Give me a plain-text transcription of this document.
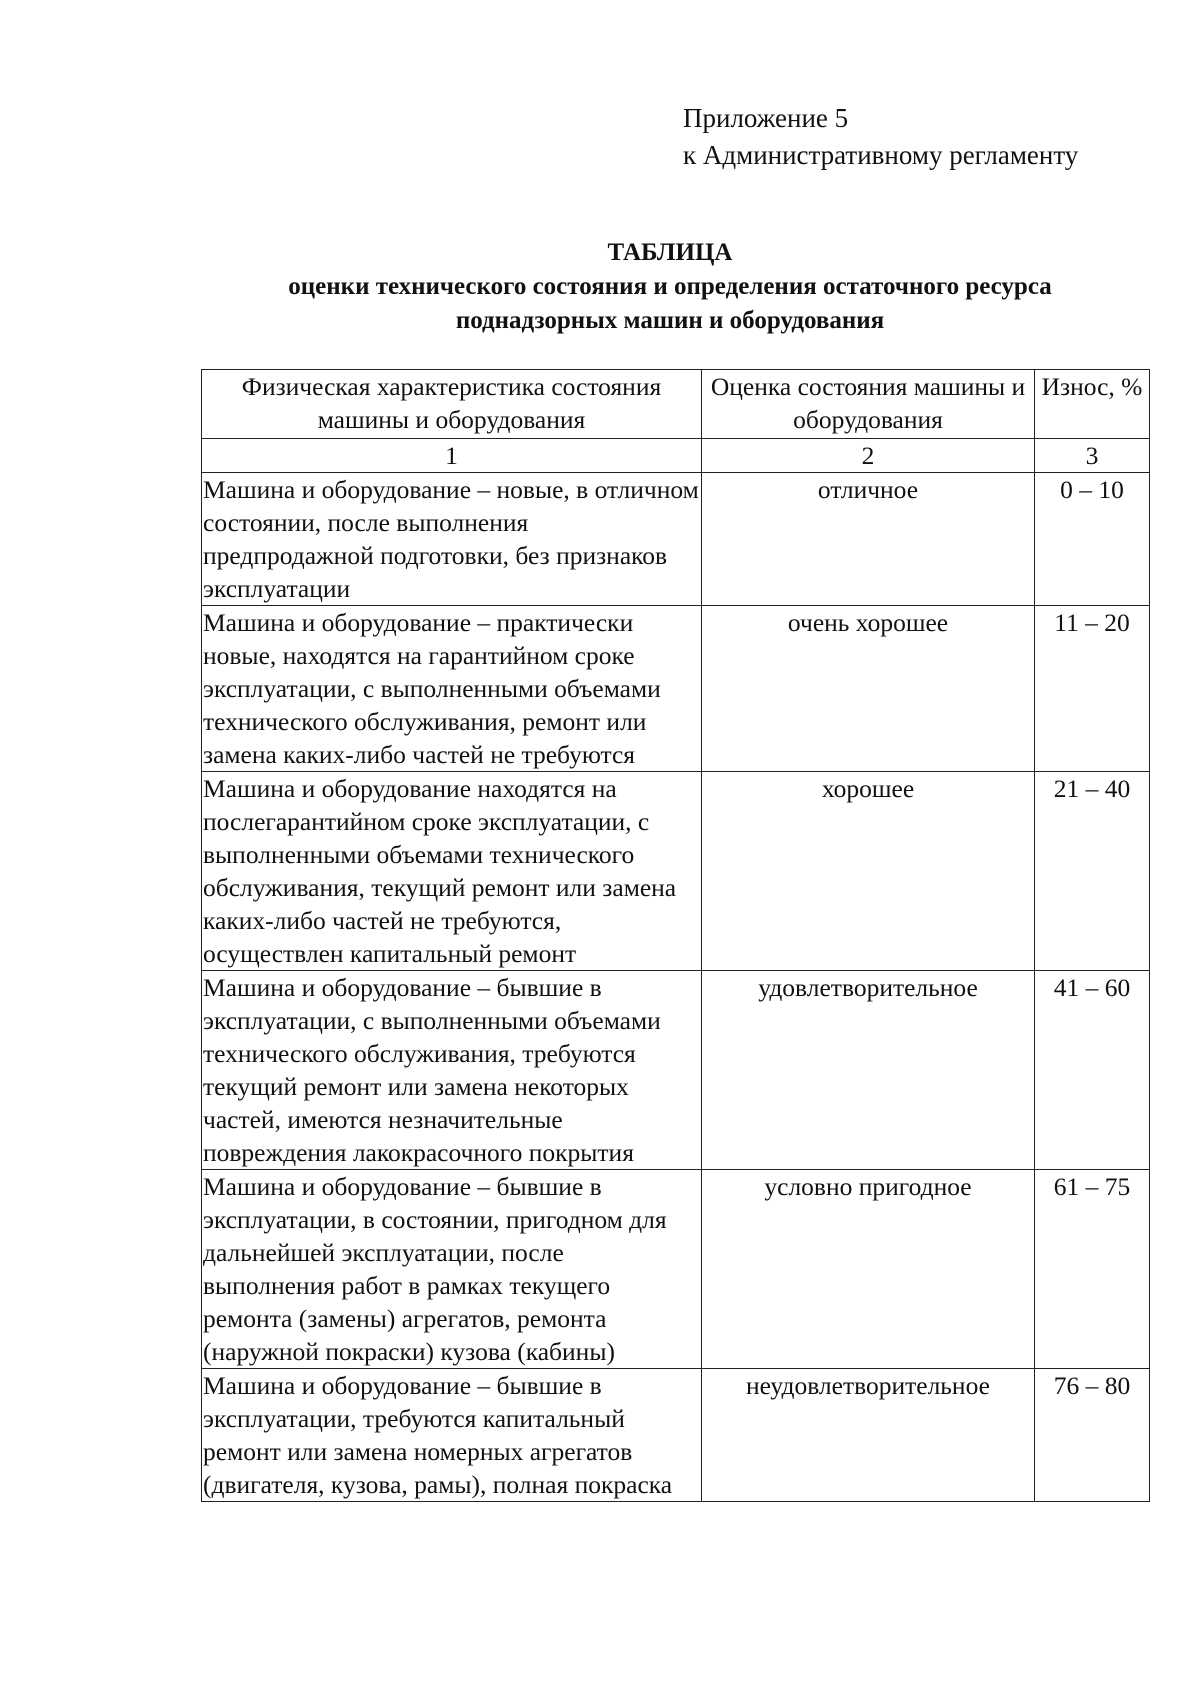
Приложение 5
к Административному регламенту
ТАБЛИЦА
оценки технического состояния и определения остаточного ресурса
поднадзорных машин и оборудования
Физическая характеристика состояния машины и оборудования	Оценка состояния машины и оборудования	Износ, %
1	2	3
Машина и оборудование – новые, в отличном состоянии, после выполнения предпродажной подготовки, без признаков эксплуатации	отличное	0 – 10
Машина и оборудование – практически новые, находятся на гарантийном сроке эксплуатации, с выполненными объемами технического обслуживания, ремонт или замена каких-либо частей не требуются	очень хорошее	11 – 20
Машина и оборудование находятся на послегарантийном сроке эксплуатации, с выполненными объемами технического обслуживания, текущий ремонт или замена каких-либо частей не требуются, осуществлен капитальный ремонт	хорошее	21 – 40
Машина и оборудование – бывшие в эксплуатации, с выполненными объемами технического обслуживания, требуются текущий ремонт или замена некоторых частей, имеются незначительные повреждения лакокрасочного покрытия	удовлетворительное	41 – 60
Машина и оборудование – бывшие в эксплуатации, в состоянии, пригодном для дальнейшей эксплуатации, после выполнения работ в рамках текущего ремонта (замены) агрегатов, ремонта (наружной покраски) кузова (кабины)	условно пригодное	61 – 75
Машина и оборудование – бывшие в эксплуатации, требуются капитальный ремонт или замена номерных агрегатов (двигателя, кузова, рамы), полная покраска	неудовлетворительное	76 – 80
